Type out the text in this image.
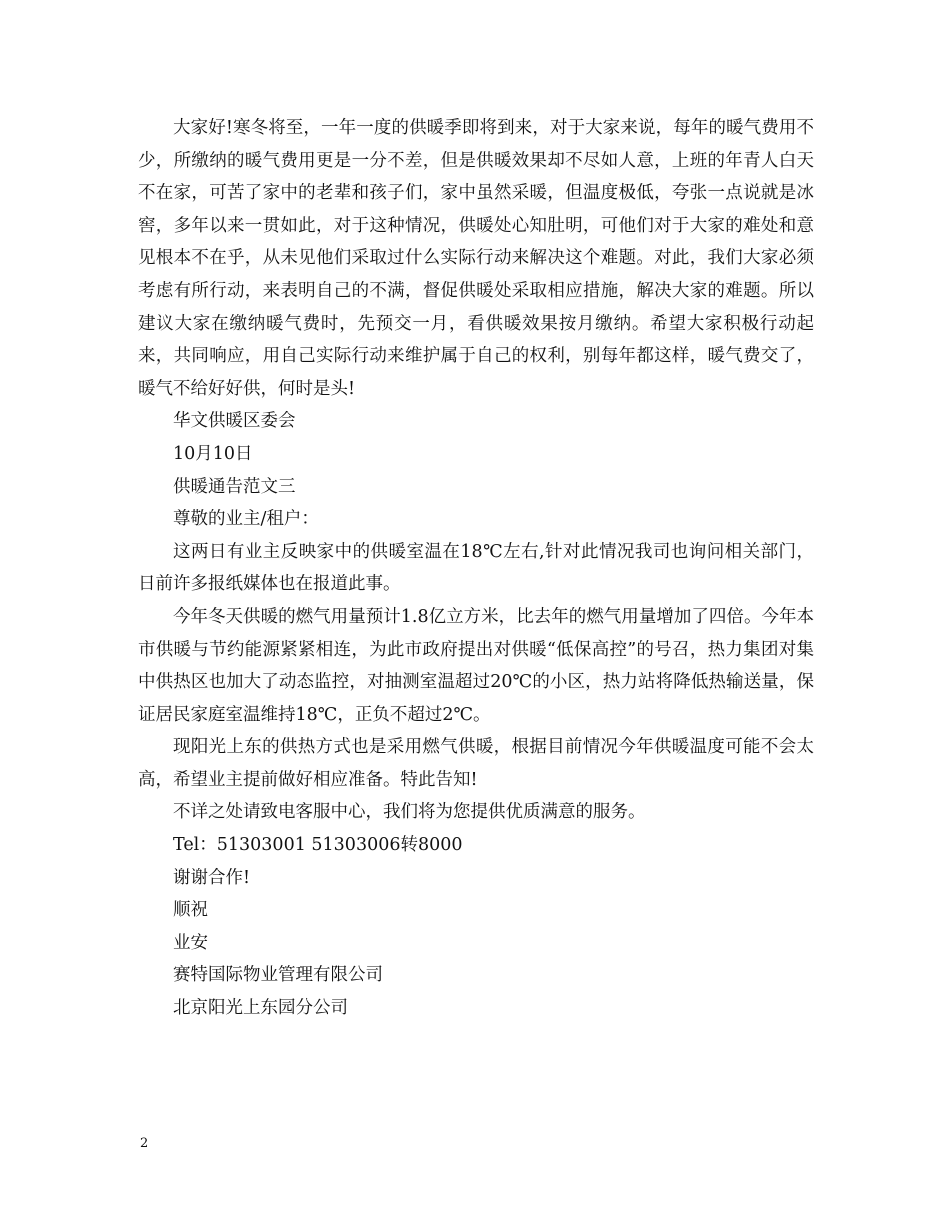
大家好!寒冬将至，一年一度的供暖季即将到来，对于大家来说，每年的暖气费用不少，所缴纳的暖气费用更是一分不差，但是供暖效果却不尽如人意，上班的年青人白天不在家，可苦了家中的老辈和孩子们，家中虽然采暖，但温度极低，夸张一点说就是冰窖，多年以来一贯如此，对于这种情况，供暖处心知肚明，可他们对于大家的难处和意见根本不在乎，从未见他们采取过什么实际行动来解决这个难题。对此，我们大家必须考虑有所行动，来表明自己的不满，督促供暖处采取相应措施，解决大家的难题。所以建议大家在缴纳暖气费时，先预交一月，看供暖效果按月缴纳。希望大家积极行动起来，共同响应，用自己实际行动来维护属于自己的权利，别每年都这样，暖气费交了，暖气不给好好供，何时是头!

华文供暖区委会

10月10日

供暖通告范文三

尊敬的业主/租户：

这两日有业主反映家中的供暖室温在18℃左右,针对此情况我司也询问相关部门，日前许多报纸媒体也在报道此事。

今年冬天供暖的燃气用量预计1.8亿立方米，比去年的燃气用量增加了四倍。今年本市供暖与节约能源紧紧相连，为此市政府提出对供暖“低保高控”的号召，热力集团对集中供热区也加大了动态监控，对抽测室温超过20℃的小区，热力站将降低热输送量，保证居民家庭室温维持18℃，正负不超过2℃。

现阳光上东的供热方式也是采用燃气供暖，根据目前情况今年供暖温度可能不会太高，希望业主提前做好相应准备。特此告知!

不详之处请致电客服中心，我们将为您提供优质满意的服务。

Tel：51303001 51303006转8000

谢谢合作!

顺祝

业安

赛特国际物业管理有限公司

北京阳光上东园分公司

2
